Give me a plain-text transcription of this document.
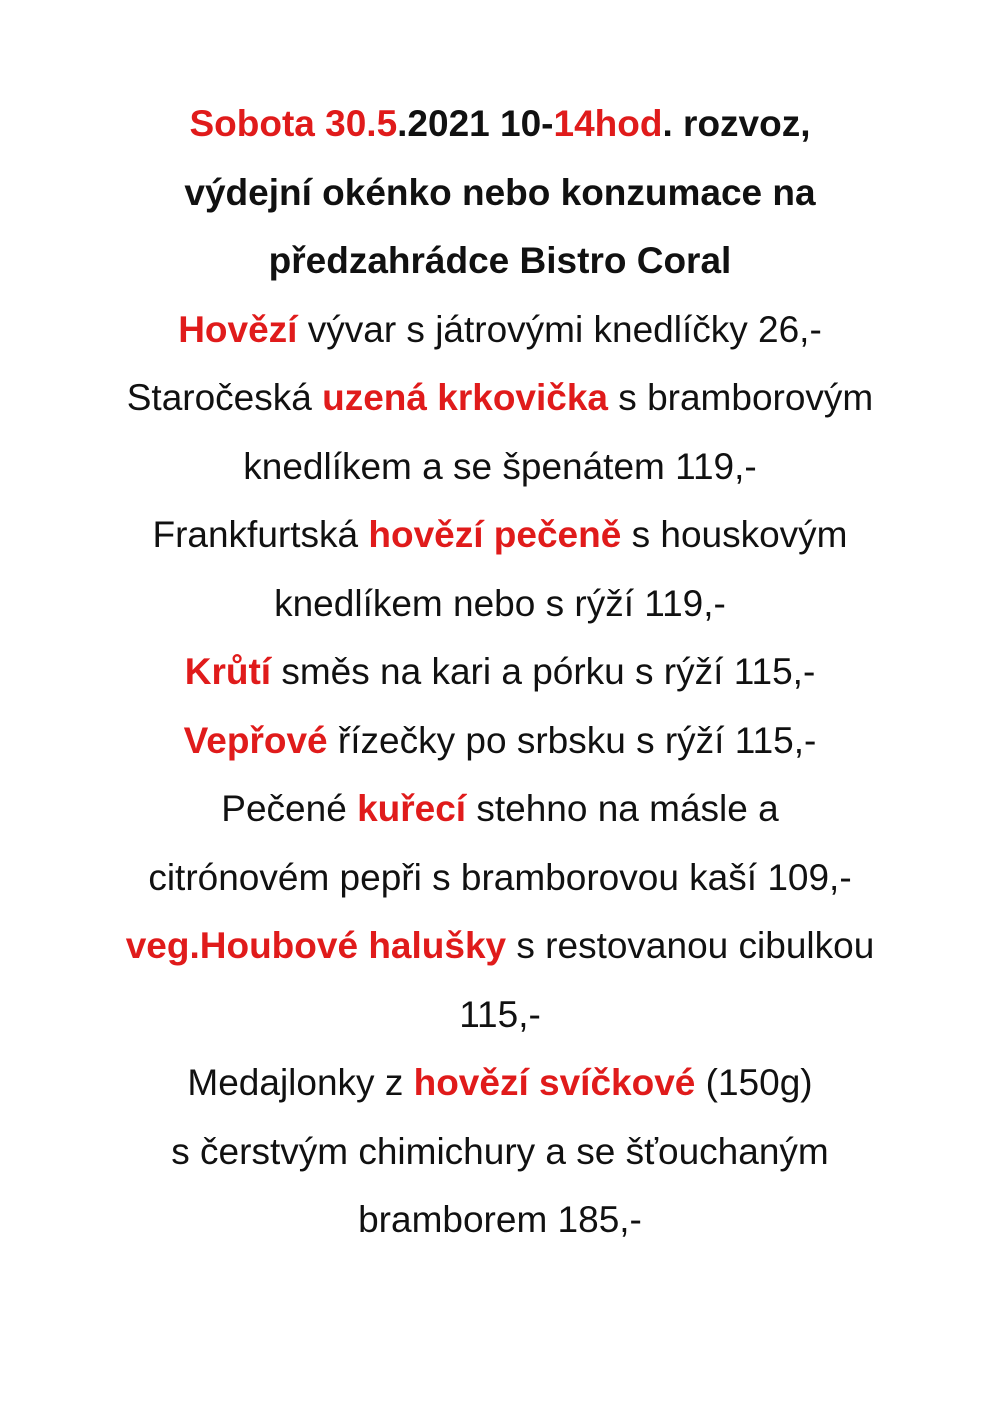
Sobota 30.5.2021 10-14hod. rozvoz,
výdejní okénko nebo konzumace na
předzahrádce Bistro Coral
Hovězí vývar s játrovými knedlíčky 26,-
Staročeská uzená krkovička s bramborovým
knedlíkem a se špenátem 119,-
Frankfurtská hovězí pečeně s houskovým
knedlíkem nebo s rýží 119,-
Krůtí směs na kari a pórku s rýží 115,-
Vepřové řízečky po srbsku s rýží 115,-
Pečené kuřecí stehno na másle a
citrónovém pepři s bramborovou kaší 109,-
veg.Houbové halušky s restovanou cibulkou
115,-
Medajlonky z hovězí svíčkové (150g)
s čerstvým chimichury a se šťouchaným
bramborem 185,-
